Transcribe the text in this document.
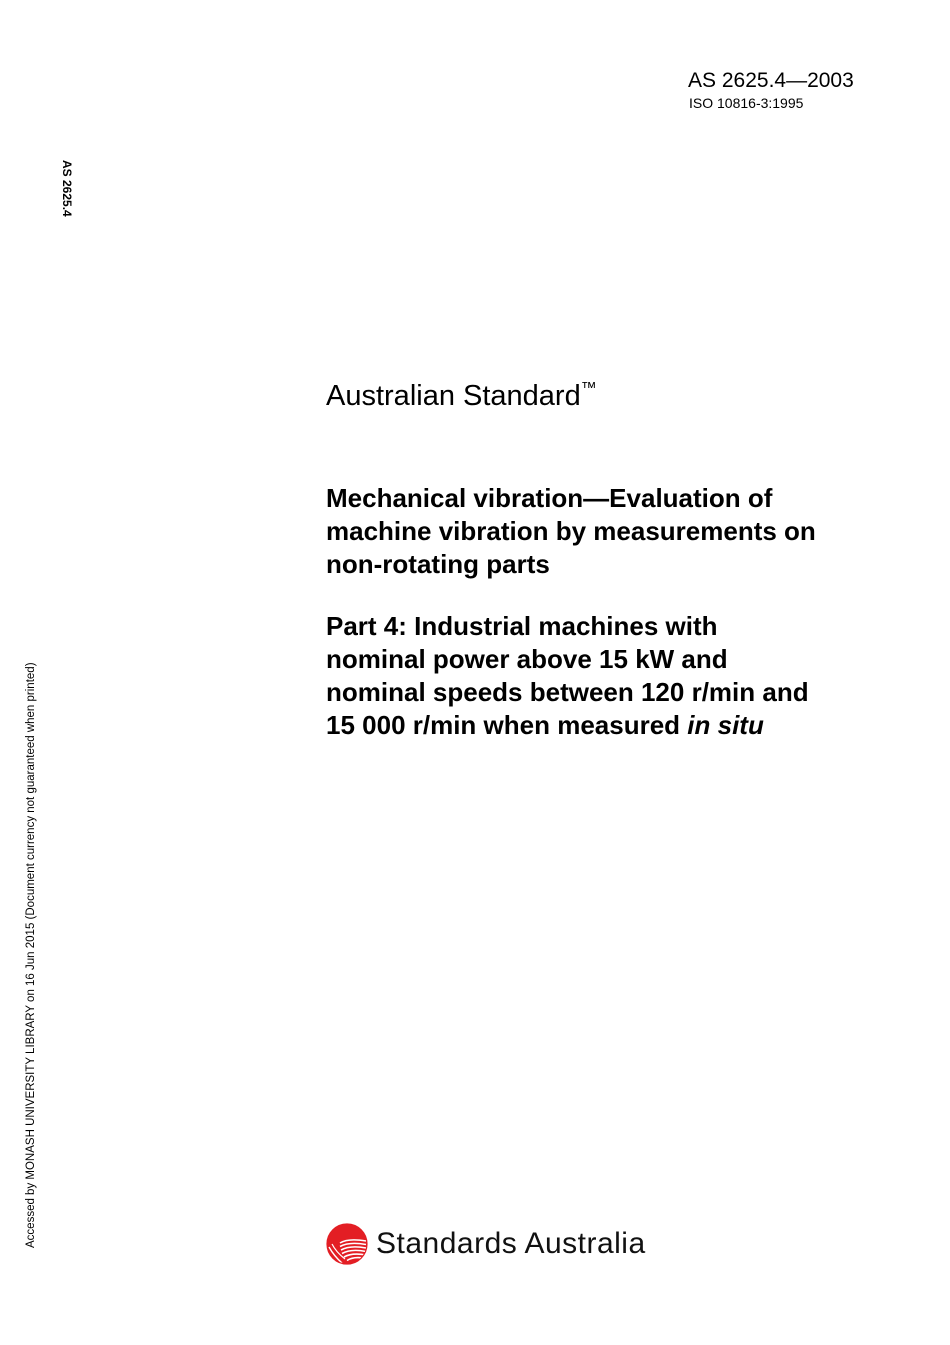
AS 2625.4—2003
ISO 10816-3:1995
AS 2625.4
Accessed by MONASH UNIVERSITY LIBRARY on 16 Jun 2015 (Document currency not guaranteed when printed)
Australian Standard™
Mechanical vibration—Evaluation of
machine vibration by measurements on
non-rotating parts
Part 4: Industrial machines with
nominal power above 15 kW and
nominal speeds between 120 r/min and
15 000 r/min when measured in situ
Standards Australia
